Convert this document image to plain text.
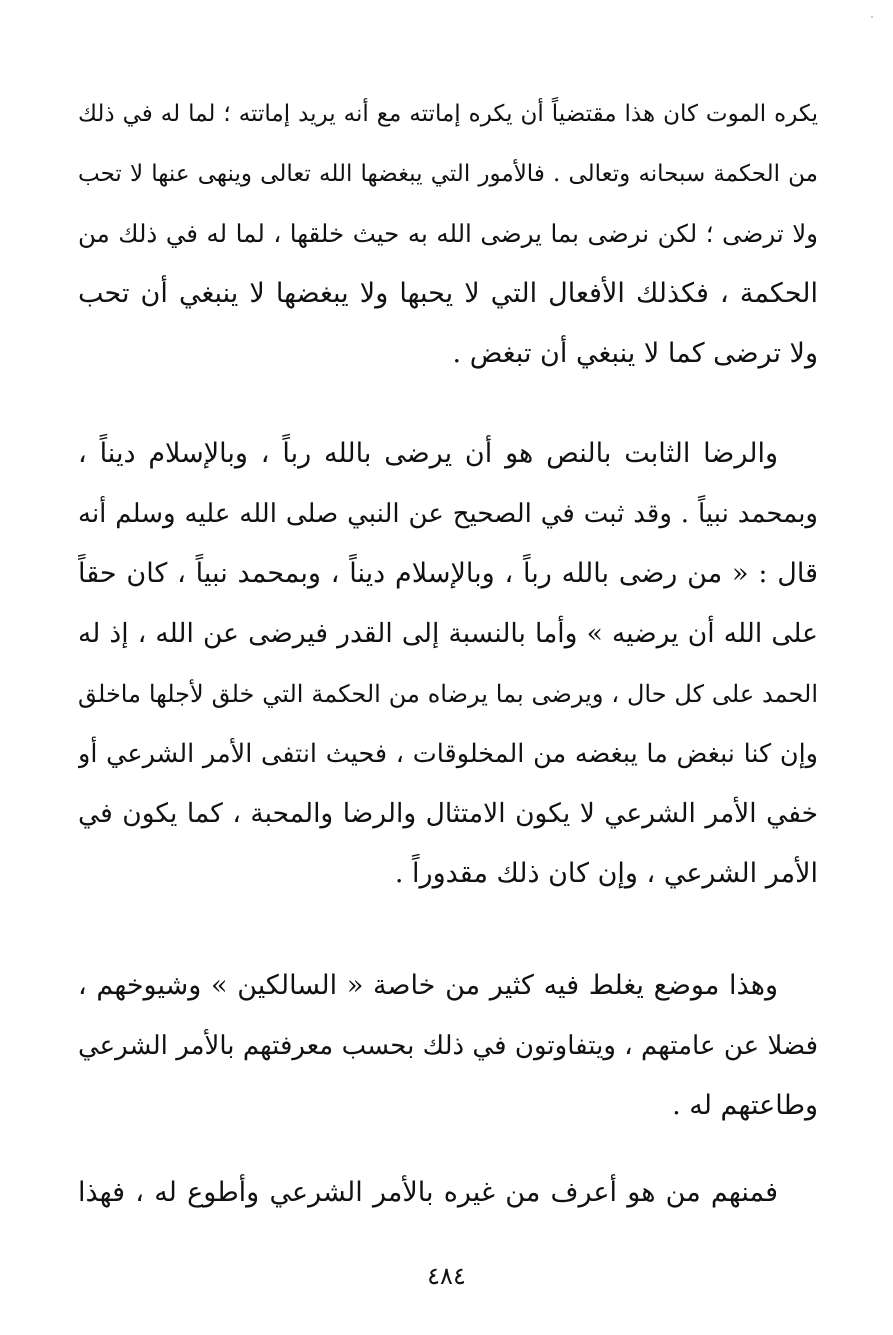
يكره الموت كان هذا مقتضياً أن يكره إماتته مع أنه يريد إماتته ؛ لما له في ذلك
من الحكمة سبحانه وتعالى . فالأمور التي يبغضها الله تعالى وينهى عنها لا تحب
ولا ترضى ؛ لكن نرضى بما يرضى الله به حيث خلقها ، لما له في ذلك من
الحكمة ، فكذلك الأفعال التي لا يحبها ولا يبغضها لا ينبغي أن تحب
ولا ترضى كما لا ينبغي أن تبغض .
والرضا الثابت بالنص هو أن يرضى بالله رباً ، وبالإسلام ديناً ،
وبمحمد نبياً . وقد ثبت في الصحيح عن النبي صلى الله عليه وسلم أنه
قال : « من رضى بالله رباً ، وبالإسلام ديناً ، وبمحمد نبياً ، كان حقاً
على الله أن يرضيه » وأما بالنسبة إلى القدر فيرضى عن الله ، إذ له
الحمد على كل حال ، ويرضى بما يرضاه من الحكمة التي خلق لأجلها ماخلق
وإن كنا نبغض ما يبغضه من المخلوقات ، فحيث انتفى الأمر الشرعي أو
خفي الأمر الشرعي لا يكون الامتثال والرضا والمحبة ، كما يكون في
الأمر الشرعي ، وإن كان ذلك مقدوراً .
وهذا موضع يغلط فيه كثير من خاصة « السالكين » وشيوخهم ،
فضلا عن عامتهم ، ويتفاوتون في ذلك بحسب معرفتهم بالأمر الشرعي
وطاعتهم له .
فمنهم من هو أعرف من غيره بالأمر الشرعي وأطوع له ، فهذا
٤٨٤
